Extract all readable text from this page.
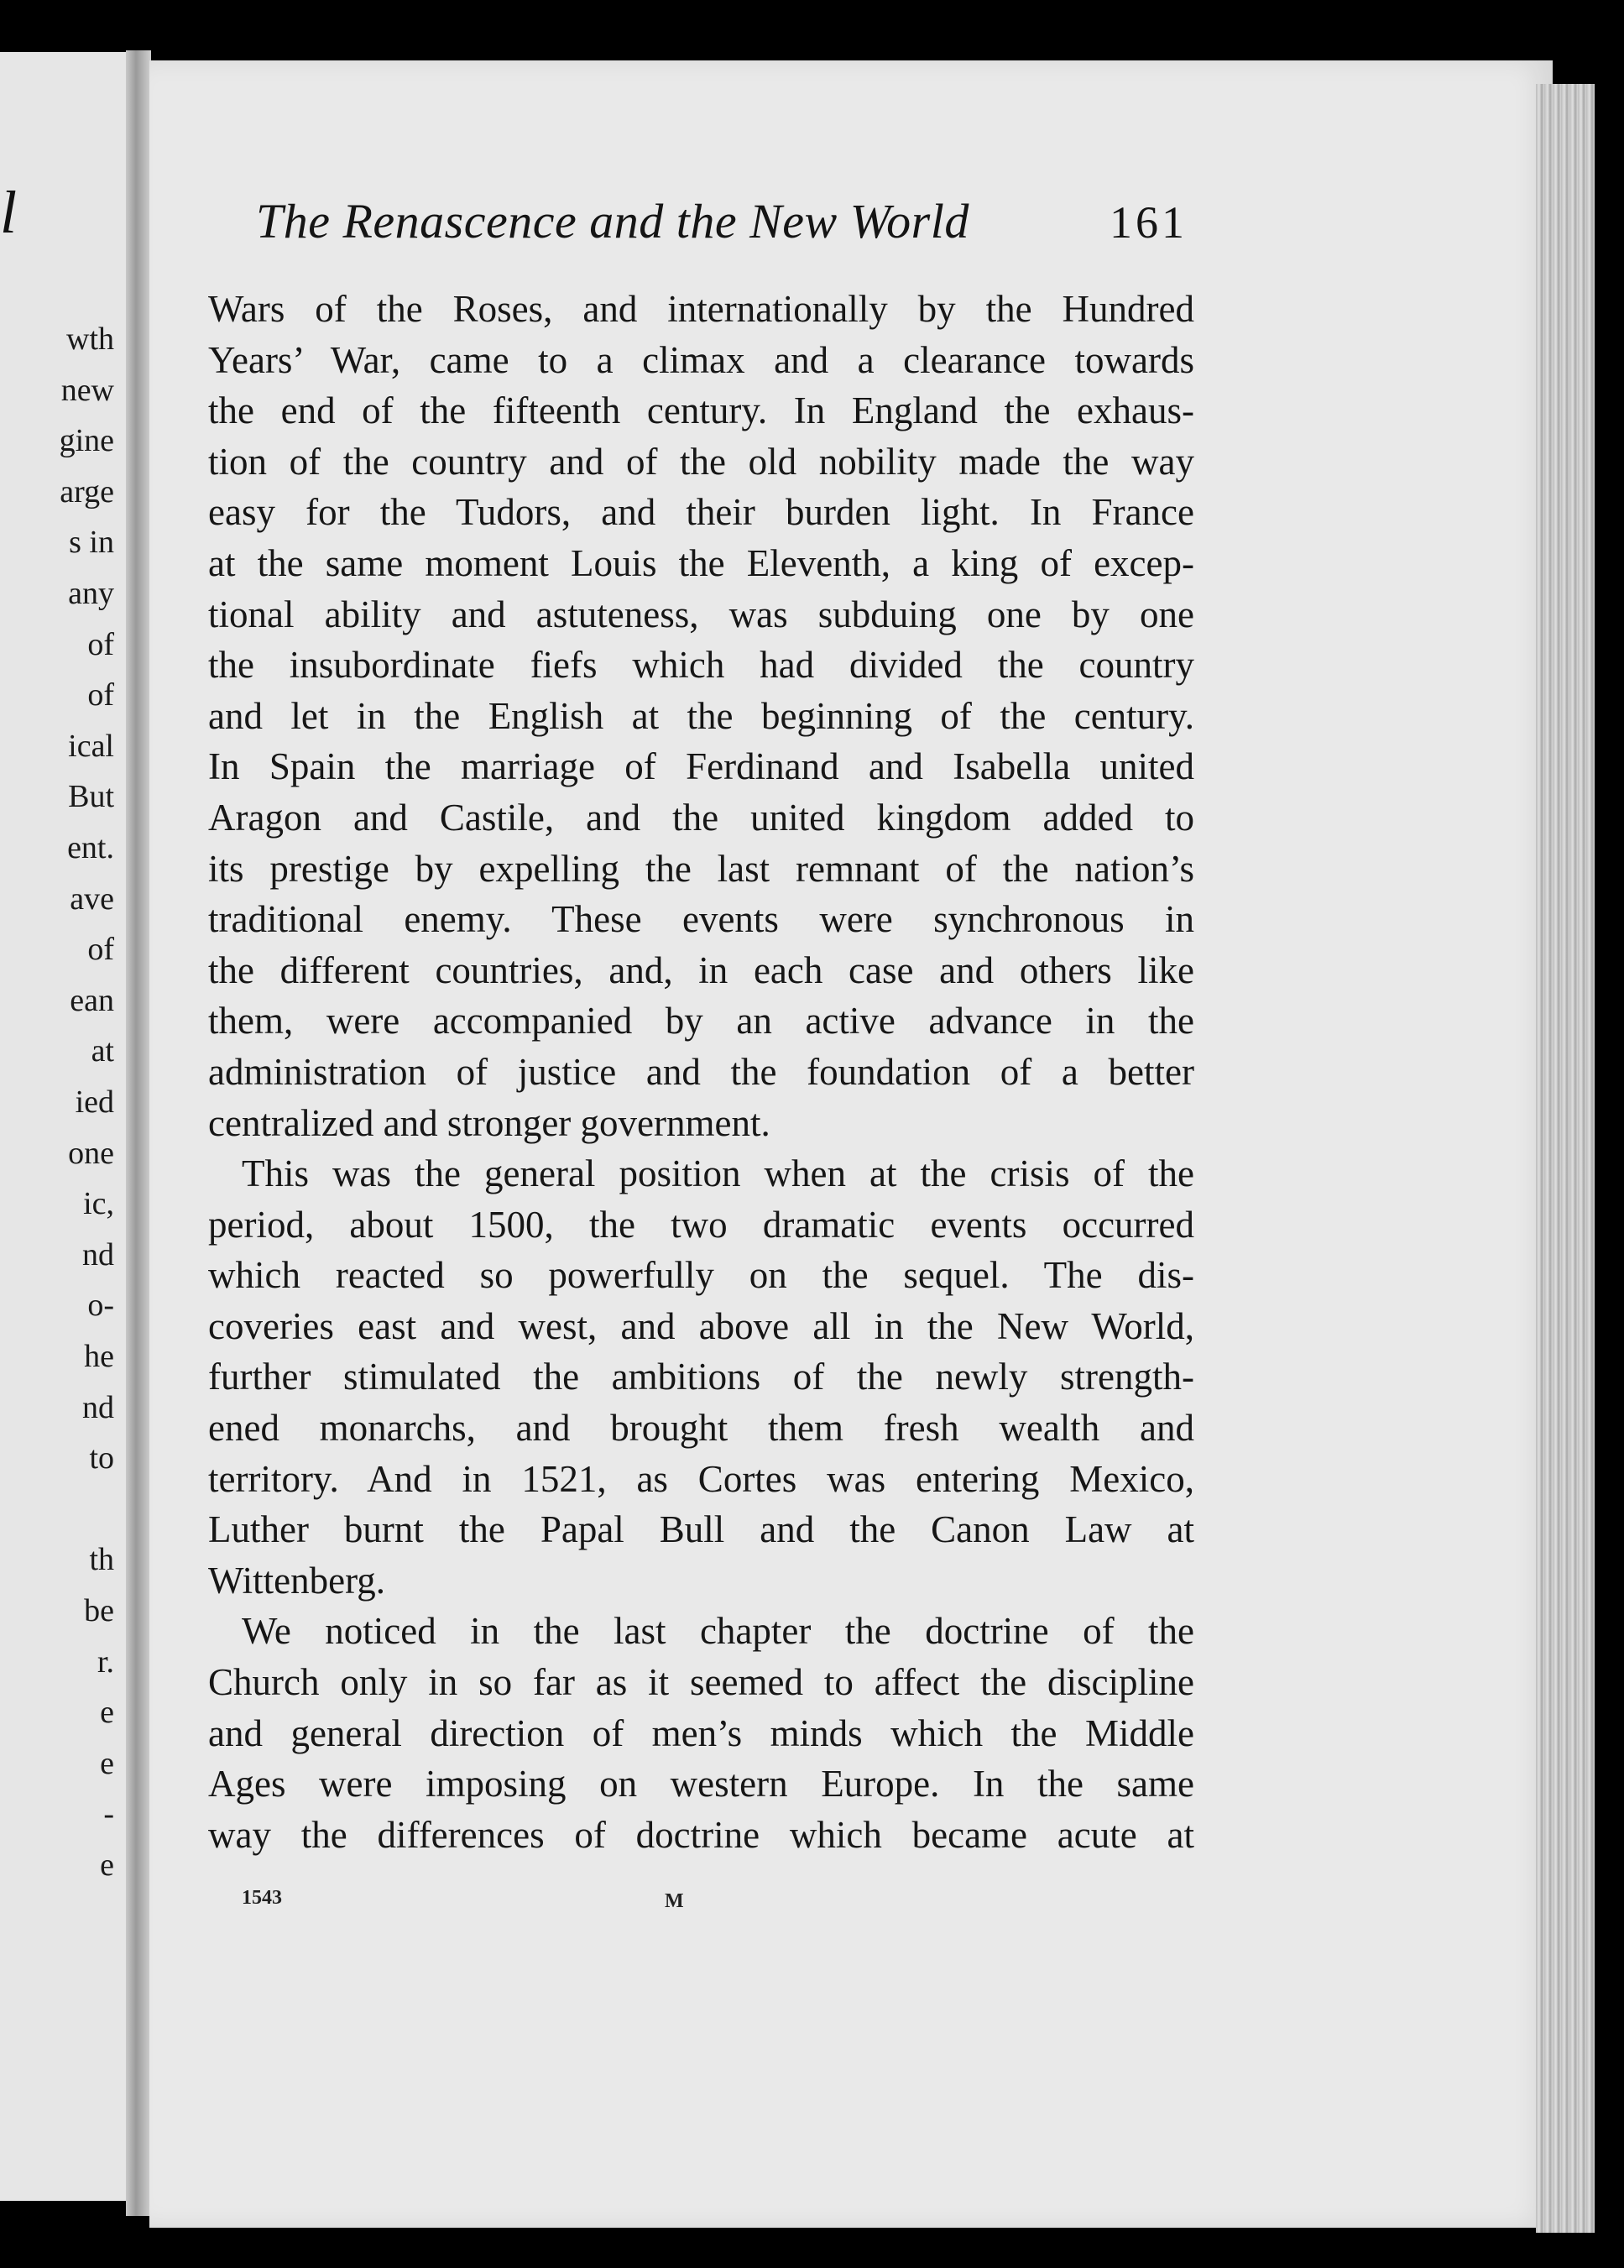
l
wth
new
gine
arge
s in
any
of
of
ical
But
ent.
ave
of
ean
at
ied
one
ic,
nd
o-
he
nd
to
th
be
r.
e
e
-
e
The Renascence and the New World	161
Wars of the Roses, and internationally by the Hundred
Years’ War, came to a climax and a clearance towards
the end of the fifteenth century. In England the exhaus-
tion of the country and of the old nobility made the way
easy for the Tudors, and their burden light. In France
at the same moment Louis the Eleventh, a king of excep-
tional ability and astuteness, was subduing one by one
the insubordinate fiefs which had divided the country
and let in the English at the beginning of the century.
In Spain the marriage of Ferdinand and Isabella united
Aragon and Castile, and the united kingdom added to
its prestige by expelling the last remnant of the nation’s
traditional enemy. These events were synchronous in
the different countries, and, in each case and others like
them, were accompanied by an active advance in the
administration of justice and the foundation of a better
centralized and stronger government.
This was the general position when at the crisis of the
period, about 1500, the two dramatic events occurred
which reacted so powerfully on the sequel. The dis-
coveries east and west, and above all in the New World,
further stimulated the ambitions of the newly strength-
ened monarchs, and brought them fresh wealth and
territory. And in 1521, as Cortes was entering Mexico,
Luther burnt the Papal Bull and the Canon Law at
Wittenberg.
We noticed in the last chapter the doctrine of the
Church only in so far as it seemed to affect the discipline
and general direction of men’s minds which the Middle
Ages were imposing on western Europe. In the same
way the differences of doctrine which became acute at
1543	M
